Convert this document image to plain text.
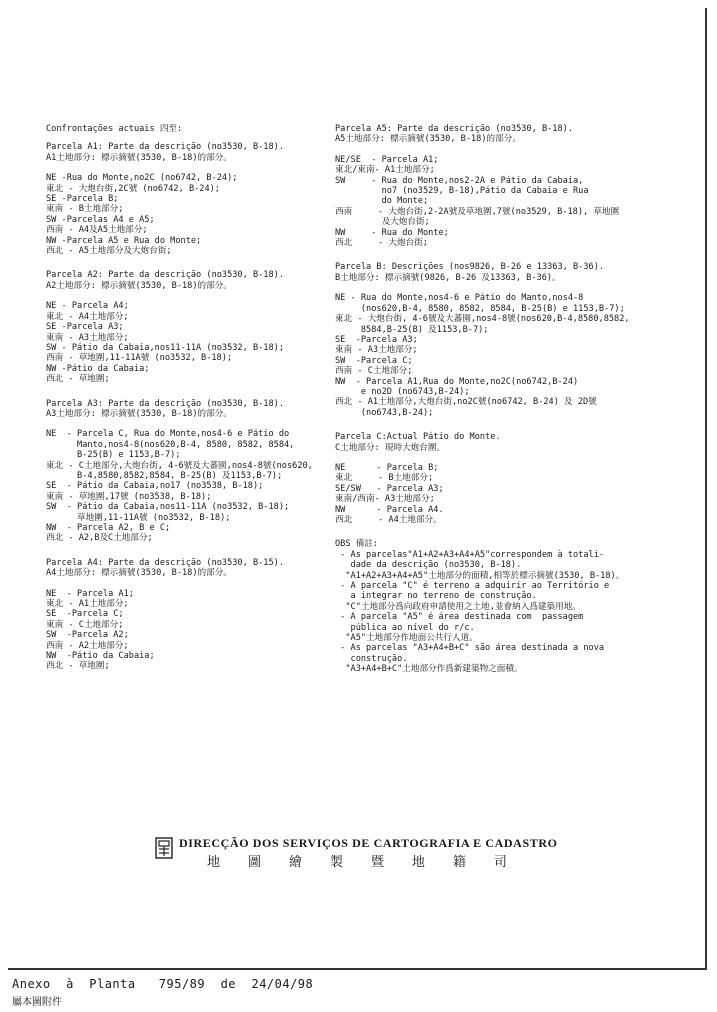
Confrontações actuais 四至:
Parcela A1: Parte da descrição (no3530, B-18).
A1土地部分: 標示摘號(3530, B-18)的部分。
NE -Rua do Monte,no2C (no6742, B-24);
東北 - 大炮台街,2C號 (no6742, B-24);
SE -Parcela B;
東南 - B土地部分;
SW -Parcelas A4 e A5;
西南 - A4及A5土地部分;
NW -Parcela A5 e Rua do Monte;
西北 - A5土地部分及大炮台街;
Parcela A2: Parte da descrição (no3530, B-18).
A2土地部分: 標示摘號(3530, B-18)的部分。
NE - Parcela A4;
東北 - A4土地部分;
SE -Parcela A3;
東南 - A3土地部分;
SW - Pátio da Cabaia,nos11-11A (no3532, B-18);
西南 - 草地圍,11-11A號 (no3532, B-18);
NW -Pátio da Cabaia;
西北 - 草地圍;
Parcela A3: Parte da descrição (no3530, B-18).
A3土地部分: 標示摘號(3530, B-18)的部分。
NE  - Parcela C, Rua do Monte,nos4-6 e Pátio do
Manto,nos4-8(nos620,B-4, 8580, 8582, 8584,
B-25(B) e 1153,B-7);
東北 - C土地部分,大炮台街, 4-6號及大蕃園,nos4-8號(nos620,
B-4,8580,8582,8584, B-25(B) 及1153,B-7);
SE  - Pátio da Cabaia,no17 (no3538, B-18);
東南 - 草地圍,17號 (no3538, B-18);
SW  - Pátio da Cabaia,nos11-11A (no3532, B-18);
草地圍,11-11A號 (no3532, B-18);
NW  - Parcela A2, B e C;
西北 - A2,B及C土地部分;
Parcela A4: Parte da descrição (no3530, B-15).
A4土地部分: 標示摘號(3530, B-18)的部分。
NE  - Parcela A1;
東北 - A1土地部分;
SE  -Parcela C;
東南 - C土地部分;
SW  -Parcela A2;
西南 - A2土地部分;
NW  -Pátio da Cabaia;
西北 - 草地圍;
Parcela A5: Parte da descrição (no3530, B-18).
A5土地部分: 標示摘號(3530, B-18)的部分。
NE/SE  - Parcela A1;
東北/東南- A1土地部分;
SW     - Rua do Monte,nos2-2A e Pátio da Cabaia,
no7 (no3529, B-18),Pátio da Cabaia e Rua
do Monte;
西南     - 大炮台街,2-2A號及草地圍,7號(no3529, B-18), 草地圍
及大炮台街;
NW     - Rua do Monte;
西北     - 大炮台街;
Parcela B: Descrições (nos9826, B-26 e 13363, B-36).
B土地部分: 標示摘號(9826, B-26 及13363, B-36)。
NE - Rua do Monte,nos4-6 e Pátio do Manto,nos4-8
(nos620,B-4, 8580, 8582, 8584, B-25(B) e 1153,B-7);
東北 - 大炮台街, 4-6號及大蕃園,nos4-8號(nos620,B-4,8580,8582,
8584,B-25(B) 及1153,B-7);
SE  -Parcela A3;
東南 - A3土地部分;
SW  -Parcela C;
西南 - C土地部分;
NW  - Parcela A1,Rua do Monte,no2C(no6742,B-24)
e no2D (no6743,B-24);
西北 - A1土地部分,大炮台街,no2C號(no6742, B-24) 及 2D號
(no6743,B-24);
Parcela C:Actual Pátio do Monte.
C土地部分: 現時大炮台圍。
NE      - Parcela B;
東北     - B土地部分;
SE/SW   - Parcela A3;
東南/西南- A3土地部分;
NW      - Parcela A4.
西北     - A4土地部分。
OBS 備註:
- As parcelas"A1+A2+A3+A4+A5"correspondem à totali-
dade da descrição (no3530, B-18).
"A1+A2+A3+A4+A5"土地部分的面積,相等於標示摘號(3530, B-18)。
- A parcela "C" é terreno a adquirir ao Território e
a integrar no terreno de construção.
"C"土地部分爲向政府申請使用之土地,並會納入爲建築用地。
- A parcela "A5" é área destinada com  passagem
pública ao nível do r/c.
"A5"土地部分作地面公共行人道。
- As parcelas "A3+A4+B+C" são área destinada a nova
construção.
"A3+A4+B+C"土地部分作爲新建築物之面積。
DIRECÇÃO DOS SERVIÇOS DE CARTOGRAFIA E CADASTRO
地 圖 繪 製 暨 地 籍 司
Anexo  à  Planta   795/89  de  24/04/98
屬本圖附件
